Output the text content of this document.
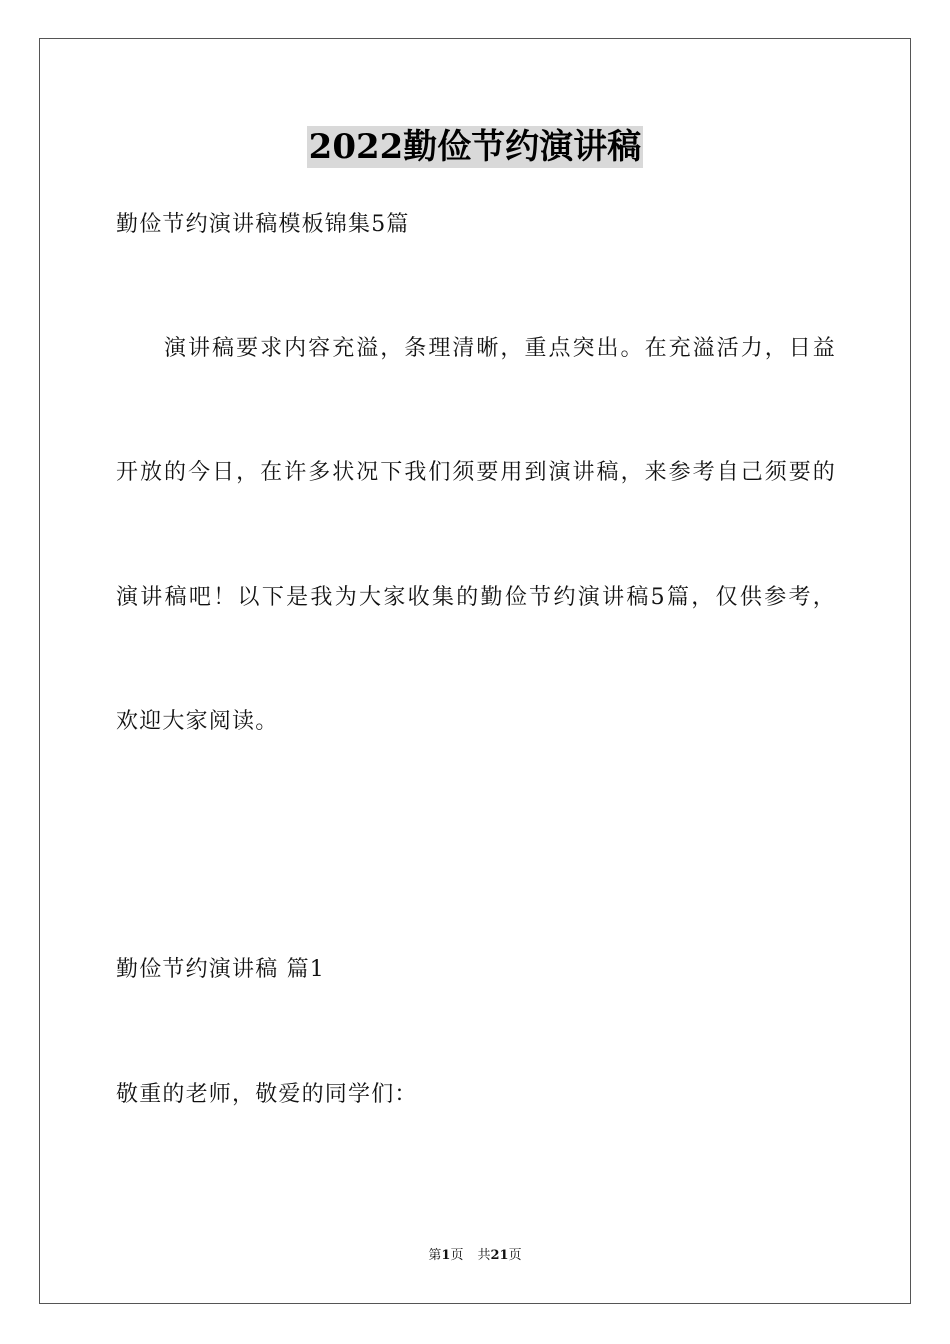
2022勤俭节约演讲稿
勤俭节约演讲稿模板锦集5篇
演讲稿要求内容充溢，条理清晰，重点突出。在充溢活力，日益
开放的今日，在许多状况下我们须要用到演讲稿，来参考自己须要的
演讲稿吧！以下是我为大家收集的勤俭节约演讲稿5篇，仅供参考，
欢迎大家阅读。
勤俭节约演讲稿 篇1
敬重的老师，敬爱的同学们：
第1页 共21页
